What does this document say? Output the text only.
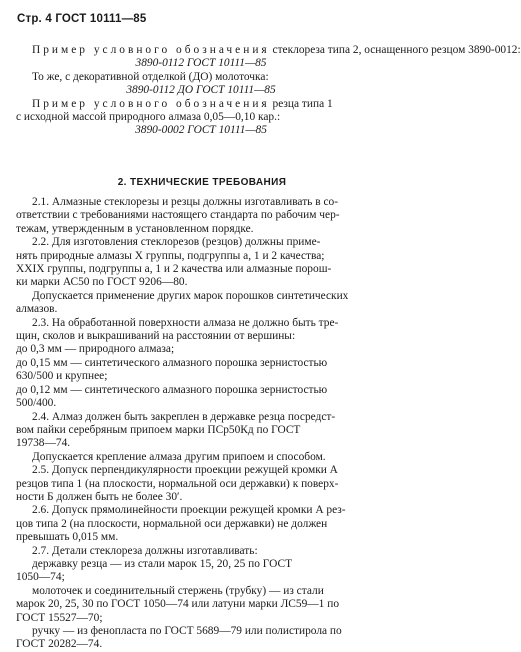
Стр. 4 ГОСТ 10111—85
Пример условного обозначения стеклореза типа 2, оснащенного резцом 3890-0012:
3890-0112 ГОСТ 10111—85
То же, с декоративной отделкой (ДО) молоточка:
3890-0112 ДО ГОСТ 10111—85
Пример условного обозначения резца типа 1
с исходной массой природного алмаза 0,05—0,10 кар.:
3890-0002 ГОСТ 10111—85
2. ТЕХНИЧЕСКИЕ ТРЕБОВАНИЯ
2.1. Алмазные стеклорезы и резцы должны изготавливать в со-
ответствии с требованиями настоящего стандарта по рабочим чер-
тежам, утвержденным в установленном порядке.
2.2. Для изготовления стеклорезов (резцов) должны приме-
нять природные алмазы X группы, подгруппы а, 1 и 2 качества;
XXIX группы, подгруппы а, 1 и 2 качества или алмазные порош-
ки марки АС50 по ГОСТ 9206—80.
Допускается применение других марок порошков синтетических
алмазов.
2.3. На обработанной поверхности алмаза не должно быть тре-
щин, сколов и выкрашиваний на расстоянии от вершины:
до 0,3 мм — природного алмаза;
до 0,15 мм — синтетического алмазного порошка зернистостью
630/500 и крупнее;
до 0,12 мм — синтетического алмазного порошка зернистостью
500/400.
2.4. Алмаз должен быть закреплен в державке резца посредст-
вом пайки серебряным припоем марки ПСр50Кд по ГОСТ
19738—74.
Допускается крепление алмаза другим припоем и способом.
2.5. Допуск перпендикулярности проекции режущей кромки А
резцов типа 1 (на плоскости, нормальной оси державки) к поверх-
ности Б должен быть не более 30′.
2.6. Допуск прямолинейности проекции режущей кромки А рез-
цов типа 2 (на плоскости, нормальной оси державки) не должен
превышать 0,015 мм.
2.7. Детали стеклореза должны изготавливать:
державку резца — из стали марок 15, 20, 25 по ГОСТ
1050—74;
молоточек и соединительный стержень (трубку) — из стали
марок 20, 25, 30 по ГОСТ 1050—74 или латуни марки ЛС59—1 по
ГОСТ 15527—70;
ручку — из фенопласта по ГОСТ 5689—79 или полистирола по
ГОСТ 20282—74.
